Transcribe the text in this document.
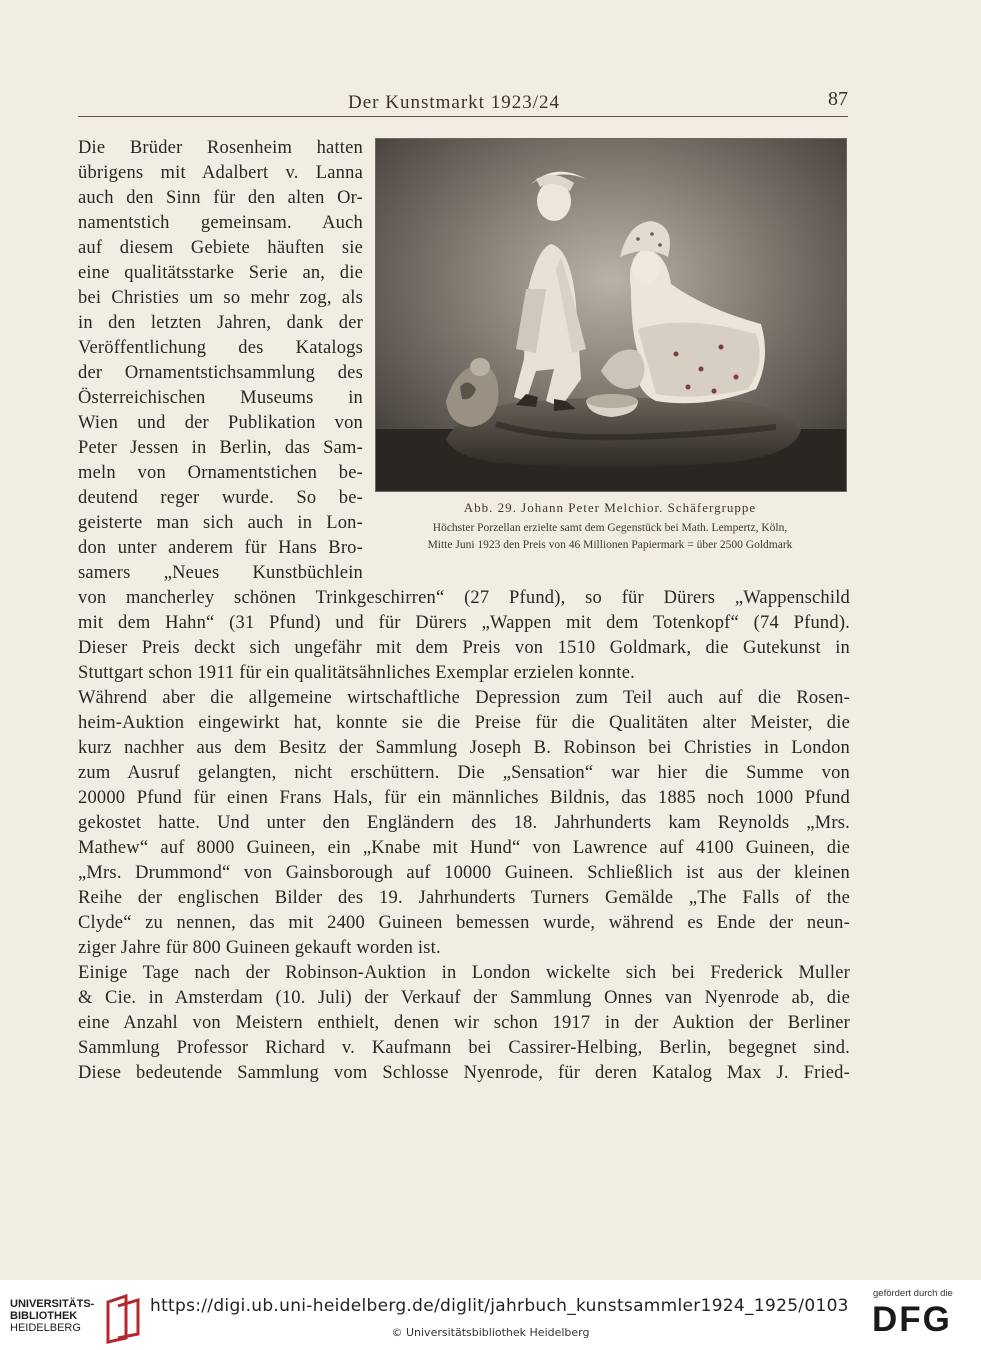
Der Kunstmarkt 1923/24	87
Die Brüder Rosenheim hatten
übrigens mit Adalbert v. Lanna
auch den Sinn für den alten Or-
namentstich gemeinsam. Auch
auf diesem Gebiete häuften sie
eine qualitätsstarke Serie an, die
bei Christies um so mehr zog, als
in den letzten Jahren, dank der
Veröffentlichung des Katalogs
der Ornamentstichsammlung des
Österreichischen Museums in
Wien und der Publikation von
Peter Jessen in Berlin, das Sam-
meln von Ornamentstichen be-
deutend reger wurde. So be-
geisterte man sich auch in Lon-
don unter anderem für Hans Bro-
samers „Neues Kunstbüchlein
Abb. 29. Johann Peter Melchior. Schäfergruppe
Höchster Porzellan erzielte samt dem Gegenstück bei Math. Lempertz, Köln,
Mitte Juni 1923 den Preis von 46 Millionen Papiermark = über 2500 Goldmark
von mancherley schönen Trinkgeschirren“ (27 Pfund), so für Dürers „Wappenschild
mit dem Hahn“ (31 Pfund) und für Dürers „Wappen mit dem Totenkopf“ (74 Pfund).
Dieser Preis deckt sich ungefähr mit dem Preis von 1510 Goldmark, die Gutekunst in
Stuttgart schon 1911 für ein qualitätsähnliches Exemplar erzielen konnte.
Während aber die allgemeine wirtschaftliche Depression zum Teil auch auf die Rosen-
heim-Auktion eingewirkt hat, konnte sie die Preise für die Qualitäten alter Meister, die
kurz nachher aus dem Besitz der Sammlung Joseph B. Robinson bei Christies in London
zum Ausruf gelangten, nicht erschüttern. Die „Sensation“ war hier die Summe von
20000 Pfund für einen Frans Hals, für ein männliches Bildnis, das 1885 noch 1000 Pfund
gekostet hatte. Und unter den Engländern des 18. Jahrhunderts kam Reynolds „Mrs.
Mathew“ auf 8000 Guineen, ein „Knabe mit Hund“ von Lawrence auf 4100 Guineen, die
„Mrs. Drummond“ von Gainsborough auf 10000 Guineen. Schließlich ist aus der kleinen
Reihe der englischen Bilder des 19. Jahrhunderts Turners Gemälde „The Falls of the
Clyde“ zu nennen, das mit 2400 Guineen bemessen wurde, während es Ende der neun-
ziger Jahre für 800 Guineen gekauft worden ist.
Einige Tage nach der Robinson-Auktion in London wickelte sich bei Frederick Muller
& Cie. in Amsterdam (10. Juli) der Verkauf der Sammlung Onnes van Nyenrode ab, die
eine Anzahl von Meistern enthielt, denen wir schon 1917 in der Auktion der Berliner
Sammlung Professor Richard v. Kaufmann bei Cassirer-Helbing, Berlin, begegnet sind.
Diese bedeutende Sammlung vom Schlosse Nyenrode, für deren Katalog Max J. Fried-
UNIVERSITÄTS-
BIBLIOTHEK
HEIDELBERG
https://digi.ub.uni-heidelberg.de/diglit/jahrbuch_kunstsammler1924_1925/0103
© Universitätsbibliothek Heidelberg
gefördert durch die
DFG
